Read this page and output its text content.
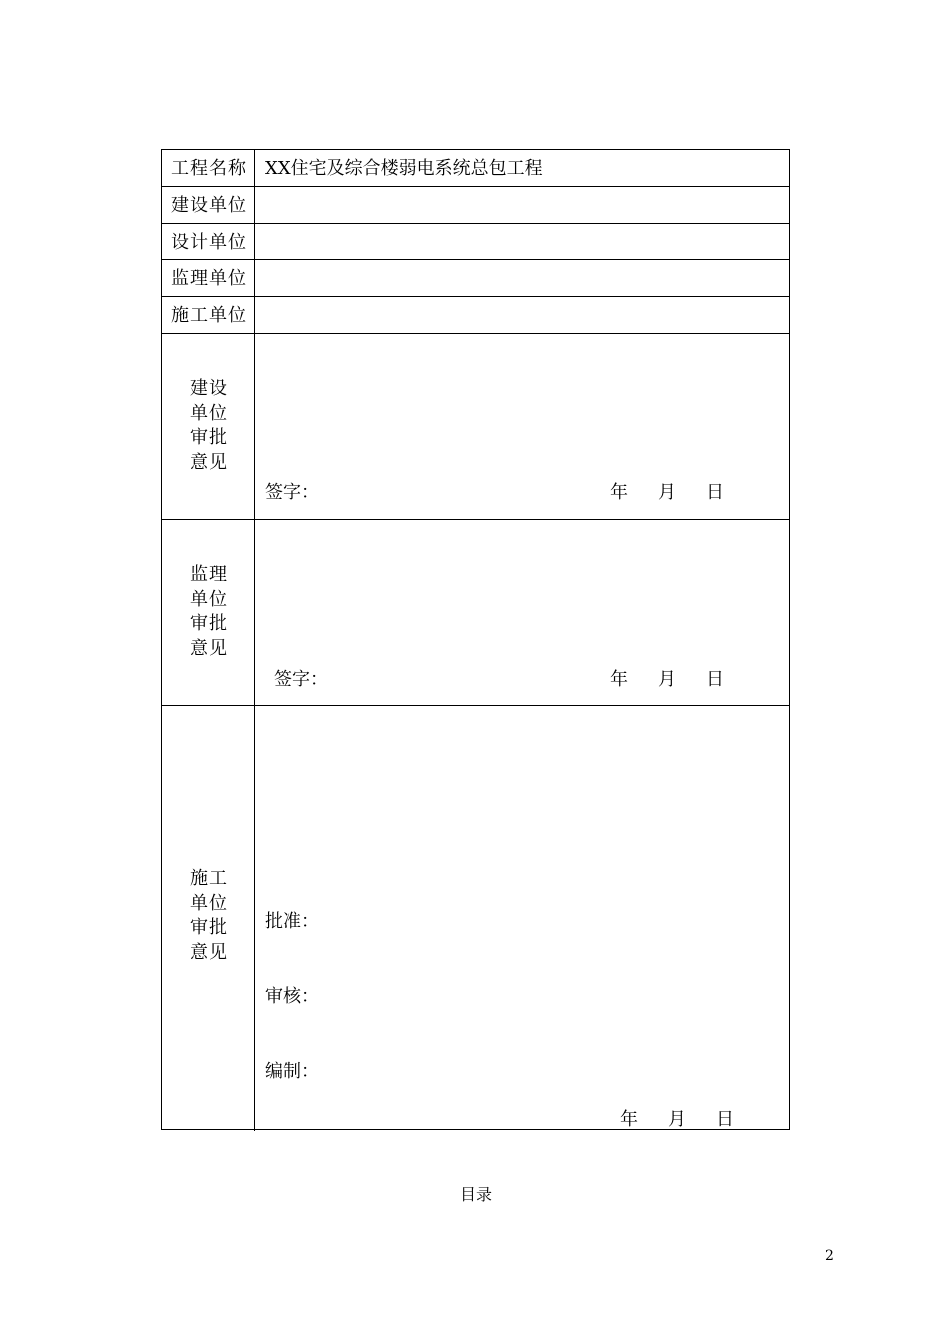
工程名称 XX住宅及综合楼弱电系统总包工程
建设单位
设计单位
监理单位
施工单位
建设
单位
审批
意见
签字：	年 月 日
监理
单位
审批
意见
签字：	年 月 日
施工
单位
审批
意见
批准：
审核：
编制：
年 月 日
目录
2
